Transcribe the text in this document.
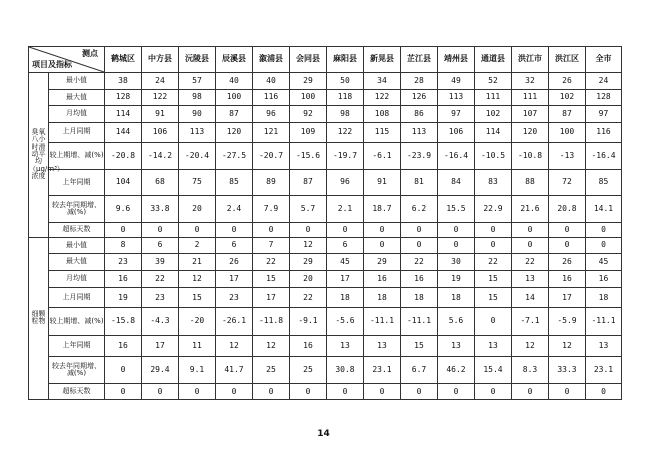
测点
项目及指标		鹤城区	中方县	沅陵县	辰溪县	溆浦县	会同县	麻阳县	新晃县	芷江县	靖州县	通道县	洪江市	洪江区	全市

臭氧八小时滑动平均（μg/m³）浓度	最小值	38	24	57	40	40	29	50	34	28	49	52	32	26	24
	最大值	128	122	98	100	116	100	118	122	126	113	111	111	102	128
	月均值	114	91	90	87	96	92	98	108	86	97	102	107	87	97
	上月同期	144	106	113	120	121	109	122	115	113	106	114	120	100	116
	较上期增、减(%)	-20.8	-14.2	-20.4	-27.5	-20.7	-15.6	-19.7	-6.1	-23.9	-16.4	-10.5	-10.8	-13	-16.4
	上年同期	104	68	75	85	89	87	96	91	81	84	83	88	72	85
	较去年同期增、减(%)	9.6	33.8	20	2.4	7.9	5.7	2.1	18.7	6.2	15.5	22.9	21.6	20.8	14.1
	超标天数	0	0	0	0	0	0	0	0	0	0	0	0	0	0

细颗粒物	最小值	8	6	2	6	7	12	6	0	0	0	0	0	0	0
	最大值	23	39	21	26	22	29	45	29	22	30	22	22	26	45
	月均值	16	22	12	17	15	20	17	16	16	19	15	13	16	16
	上月同期	19	23	15	23	17	22	18	18	18	18	15	14	17	18
	较上期增、减(%)	-15.8	-4.3	-20	-26.1	-11.8	-9.1	-5.6	-11.1	-11.1	5.6	0	-7.1	-5.9	-11.1
	上年同期	16	17	11	12	12	16	13	13	15	13	13	12	12	13
	较去年同期增、减(%)	0	29.4	9.1	41.7	25	25	30.8	23.1	6.7	46.2	15.4	8.3	33.3	23.1
	超标天数	0	0	0	0	0	0	0	0	0	0	0	0	0	0
14
